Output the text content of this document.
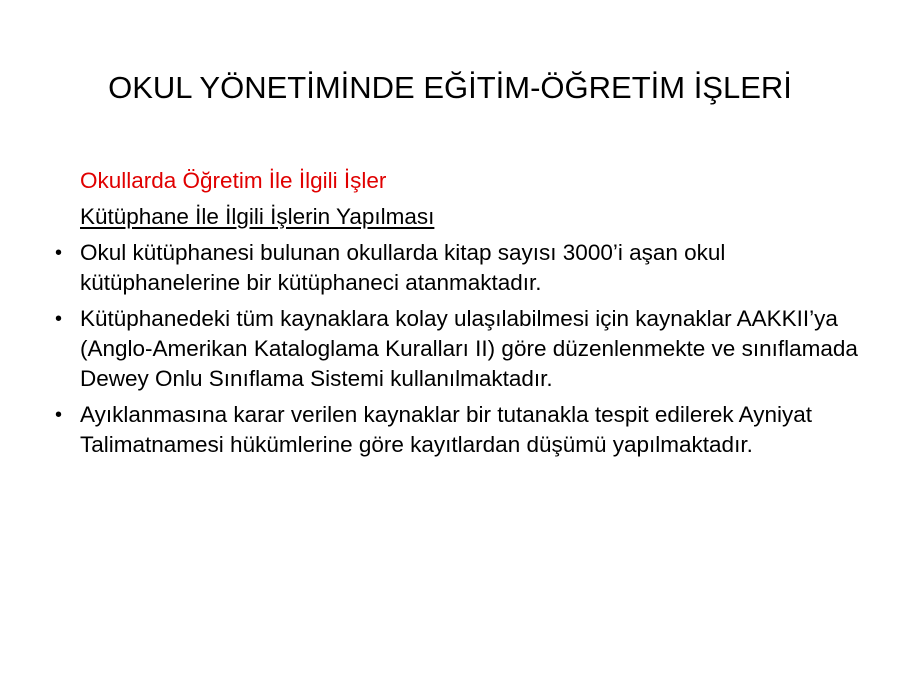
OKUL YÖNETİMİNDE EĞİTİM-ÖĞRETİM İŞLERİ
Okullarda Öğretim İle İlgili İşler
Kütüphane İle İlgili İşlerin Yapılması
• Okul kütüphanesi bulunan okullarda kitap sayısı 3000’i aşan okul kütüphanelerine bir kütüphaneci atanmaktadır.
• Kütüphanedeki tüm kaynaklara kolay ulaşılabilmesi için kaynaklar AAKKII’ya (Anglo-Amerikan Kataloglama Kuralları II) göre düzenlenmekte ve sınıflamada Dewey Onlu Sınıflama Sistemi kullanılmaktadır.
• Ayıklanmasına karar verilen kaynaklar bir tutanakla tespit edilerek Ayniyat Talimatnamesi hükümlerine göre kayıtlardan düşümü yapılmaktadır.
